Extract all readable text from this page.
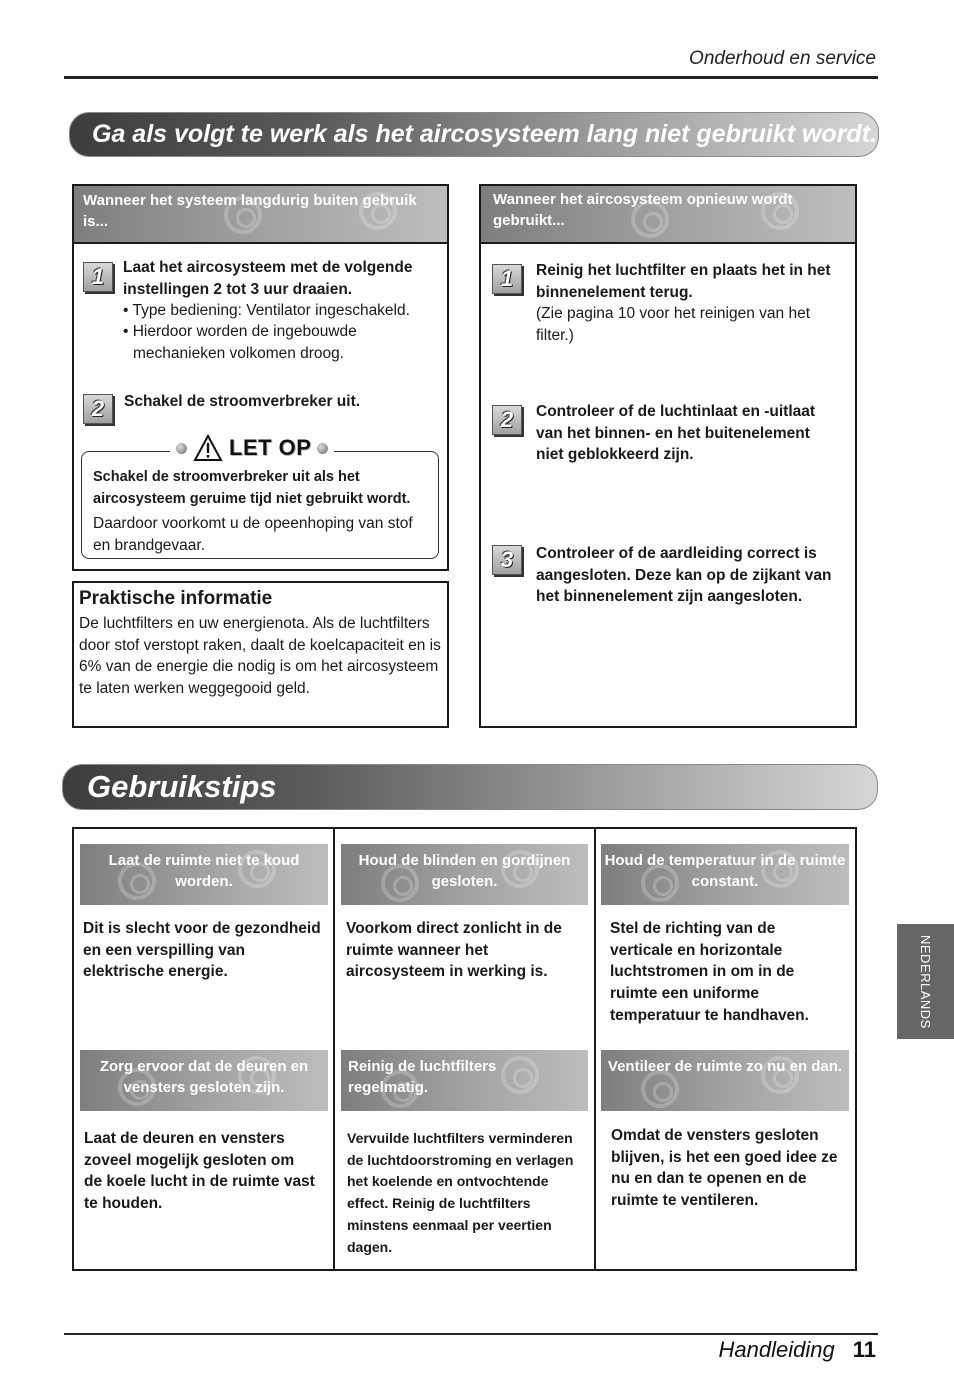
Onderhoud en service
Ga als volgt te werk als het aircosysteem lang niet gebruikt wordt.
Wanneer het systeem langdurig buiten gebruik is...
1	Laat het aircosysteem met de volgende instellingen 2 tot 3 uur draaien.
• Type bediening: Ventilator ingeschakeld.
• Hierdoor worden de ingebouwde mechanieken volkomen droog.
2	Schakel de stroomverbreker uit.
LET OP
Schakel de stroomverbreker uit als het aircosysteem geruime tijd niet gebruikt wordt.
Daardoor voorkomt u de opeenhoping van stof en brandgevaar.
Praktische informatie
De luchtfilters en uw energienota. Als de luchtfilters door stof verstopt raken, daalt de koelcapaciteit en is 6% van de energie die nodig is om het aircosysteem te laten werken weggegooid geld.
Wanneer het aircosysteem opnieuw wordt gebruikt...
1	Reinig het luchtfilter en plaats het in het binnenelement terug.
(Zie pagina 10 voor het reinigen van het filter.)
2	Controleer of de luchtinlaat en -uitlaat van het binnen- en het buitenelement niet geblokkeerd zijn.
3	Controleer of de aardleiding correct is aangesloten. Deze kan op de zijkant van het binnenelement zijn aangesloten.
Gebruikstips
Laat de ruimte niet te koud worden.
Houd de blinden en gordijnen gesloten.
Houd de temperatuur in de ruimte constant.
Dit is slecht voor de gezondheid en een verspilling van elektrische energie.
Voorkom direct zonlicht in de ruimte wanneer het aircosysteem in werking is.
Stel de richting van de verticale en horizontale luchtstromen in om in de ruimte een uniforme temperatuur te handhaven.
Zorg ervoor dat de deuren en vensters gesloten zijn.
Reinig de luchtfilters regelmatig.
Ventileer de ruimte zo nu en dan.
Laat de deuren en vensters zoveel mogelijk gesloten om de koele lucht in de ruimte vast te houden.
Vervuilde luchtfilters verminderen de luchtdoorstroming en verlagen het koelende en ontvochtende effect. Reinig de luchtfilters minstens eenmaal per veertien dagen.
Omdat de vensters gesloten blijven, is het een goed idee ze nu en dan te openen en de ruimte te ventileren.
NEDERLANDS
Handleiding 11
